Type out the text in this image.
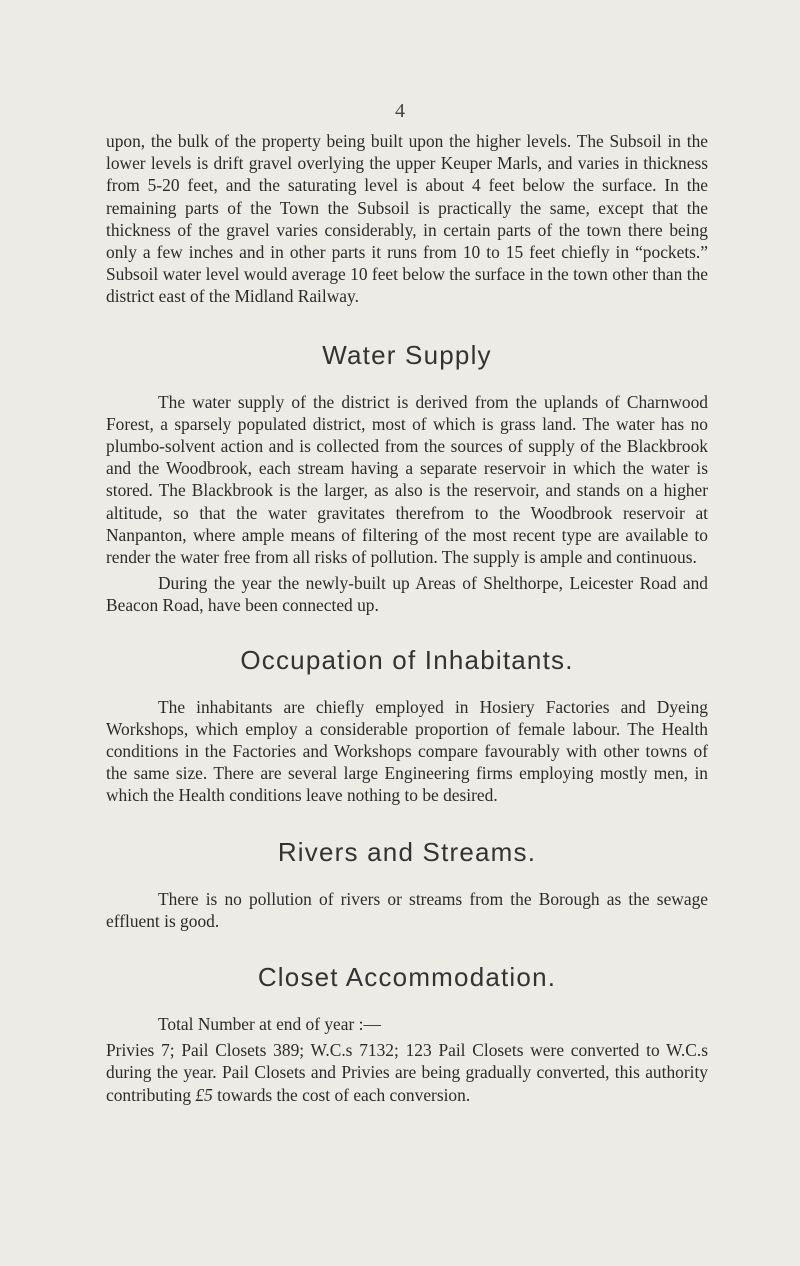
4

upon, the bulk of the property being built upon the higher levels. The Subsoil in the lower levels is drift gravel overlying the upper Keuper Marls, and varies in thickness from 5-20 feet, and the saturating level is about 4 feet below the surface. In the remaining parts of the Town the Subsoil is practically the same, except that the thickness of the gravel varies considerably, in certain parts of the town there being only a few inches and in other parts it runs from 10 to 15 feet chiefly in “pockets.” Subsoil water level would average 10 feet below the surface in the town other than the district east of the Midland Railway.

Water Supply

The water supply of the district is derived from the uplands of Charnwood Forest, a sparsely populated district, most of which is grass land. The water has no plumbo-solvent action and is collected from the sources of supply of the Blackbrook and the Woodbrook, each stream having a separate reservoir in which the water is stored. The Blackbrook is the larger, as also is the reservoir, and stands on a higher altitude, so that the water gravitates therefrom to the Woodbrook reservoir at Nanpanton, where ample means of filtering of the most recent type are available to render the water free from all risks of pollution. The supply is ample and continuous.

During the year the newly-built up Areas of Shelthorpe, Leicester Road and Beacon Road, have been connected up.

Occupation of Inhabitants.

The inhabitants are chiefly employed in Hosiery Factories and Dyeing Workshops, which employ a considerable proportion of female labour. The Health conditions in the Factories and Workshops compare favourably with other towns of the same size. There are several large Engineering firms employing mostly men, in which the Health conditions leave nothing to be desired.

Rivers and Streams.

There is no pollution of rivers or streams from the Borough as the sewage effluent is good.

Closet Accommodation.

Total Number at end of year :—

Privies 7; Pail Closets 389; W.C.s 7132; 123 Pail Closets were converted to W.C.s during the year. Pail Closets and Privies are being gradually converted, this authority contributing £5 towards the cost of each conversion.
